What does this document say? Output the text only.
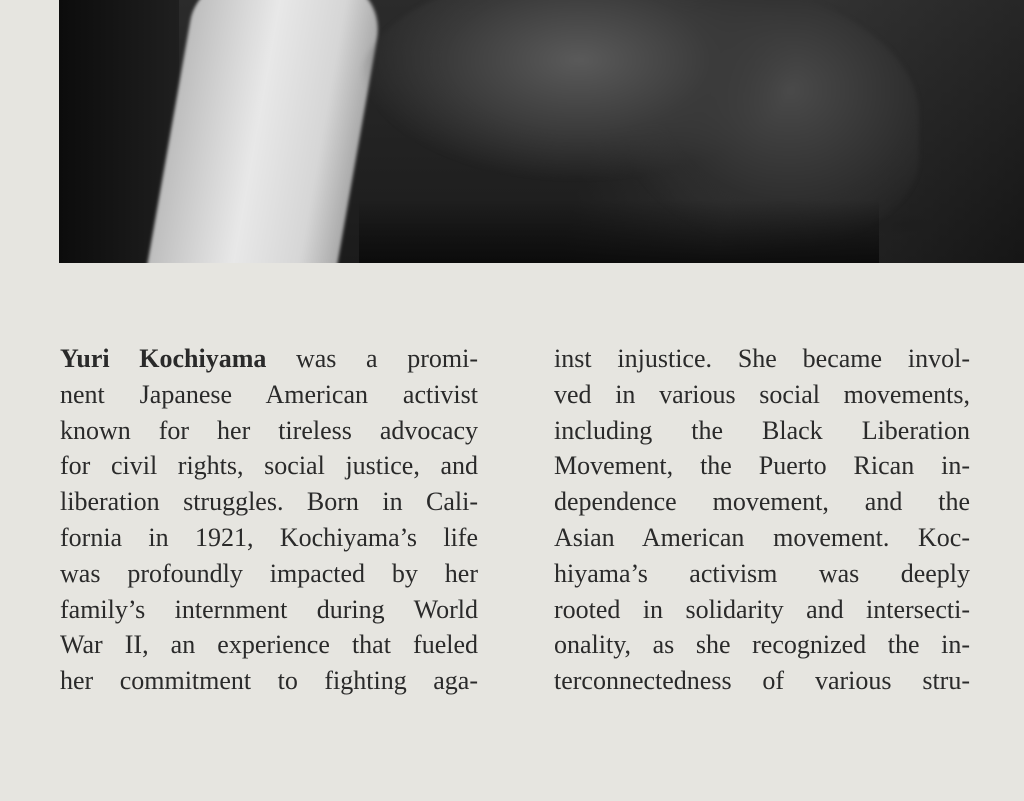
Yuri Kochiyama was a promi-
nent Japanese American activist
known for her tireless advocacy
for civil rights, social justice, and
liberation struggles. Born in Cali-
fornia in 1921, Kochiyama’s life
was profoundly impacted by her
family’s internment during World
War II, an experience that fueled
her commitment to fighting aga-
inst injustice. She became invol-
ved in various social movements,
including the Black Liberation
Movement, the Puerto Rican in-
dependence movement, and the
Asian American movement. Koc-
hiyama’s activism was deeply
rooted in solidarity and intersecti-
onality, as she recognized the in-
terconnectedness of various stru-
